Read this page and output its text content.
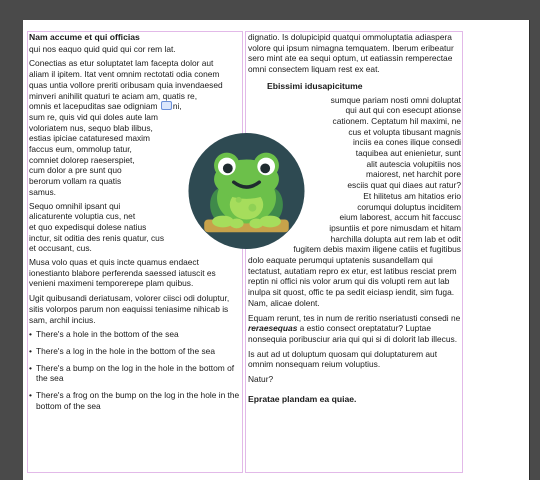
Nam accume et qui officias

qui nos eaquo quid quid qui cor rem lat.

Conectias as etur soluptatet lam facepta dolor aut
aliam il ipitem. Itat vent omnim rectotati odia conem
quas untia vollore preriti oribusam quia invendaesed
minveri anihilit quaturi te aciam am, quatis re,
omnis et lacepuditas sae odigniam ni,
sum re, quis vid qui doles aute lam
voloriatem nus, sequo blab ilibus,
estias ipiciae cataturesed maxim
faccus eum, ommolup tatur,
comniet dolorep raeserspiet,
cum dolor a pre sunt quo
berorum vollam ra quatis
samus.

Sequo omnihil ipsant qui
alicaturente voluptia cus, net
et quo expedisqui dolese natius
inctur, sit oditia des renis quatur, cus
et occusant, cus.

Musa volo quas et quis incte quamus endaect ionestianto blabore perferenda saessed iatuscit es venieni maximeni temporerepe plam quibus.

Ugit quibusandi deriatusam, volorer ciisci odi doluptur, sitis volorpos parum non eaquissi teniasime nihicab is sam, archil incius.

• There's a hole in the bottom of the sea
• There's a log in the hole in the bottom of the sea
• There's a bump on the log in the hole in the bottom of the sea
• There's a frog on the bump on the log in the hole in the bottom of the sea

dignatio. Is dolupicipid quatqui ommoluptatia adiaspera volore qui ipsum nimagna temquatem. Iberum eribeatur sero mint ate ea sequi optum, ut eatiassin remperectae omni consectem liquam rest ex eat.

Ebissimi idusapicitume
sumque pariam nosti omni doluptat
qui aut qui con esecupt ationse
cationem. Ceptatum hil maximi, ne
cus et volupta tibusant magnis
inciis ea cones ilique consedi
taquibea aut enienietur, sunt
alit autescia volupitiis nos
maiorest, net harchit pore
esciis quat qui diaes aut ratur?
Et hilitetus am hitatios erio
corumqui doluptus inciditem
eium laborest, accum hit faccusc
ipsuntiis et pore nimusdam et hitam
harchilla dolupta aut rem lab et odit
fugitem debis maxim iligene catiis et fugitibus

dolo eaquate perumqui uptatenis susandellam qui tectatust, autatiam repro ex etur, est latibus resciat prem reptin ni offici nis volor arum qui dis volupti rem aut lab inulpa sit quost, offic te pa sedit eiciasp iendit, sim fuga. Nam, alicae dolent.

Equam rerunt, tes in num de reritio nseriatusti consedi ne reraesequas a estio consect oreptatatur? Luptae nonsequia poribusciur aria qui qui si di dolorit lab illecus.

Is aut ad ut doluptum quosam qui doluptaturem aut omnim nonsequam reium voluptius.

Natur?

Eprataе plandam ea quiae.
